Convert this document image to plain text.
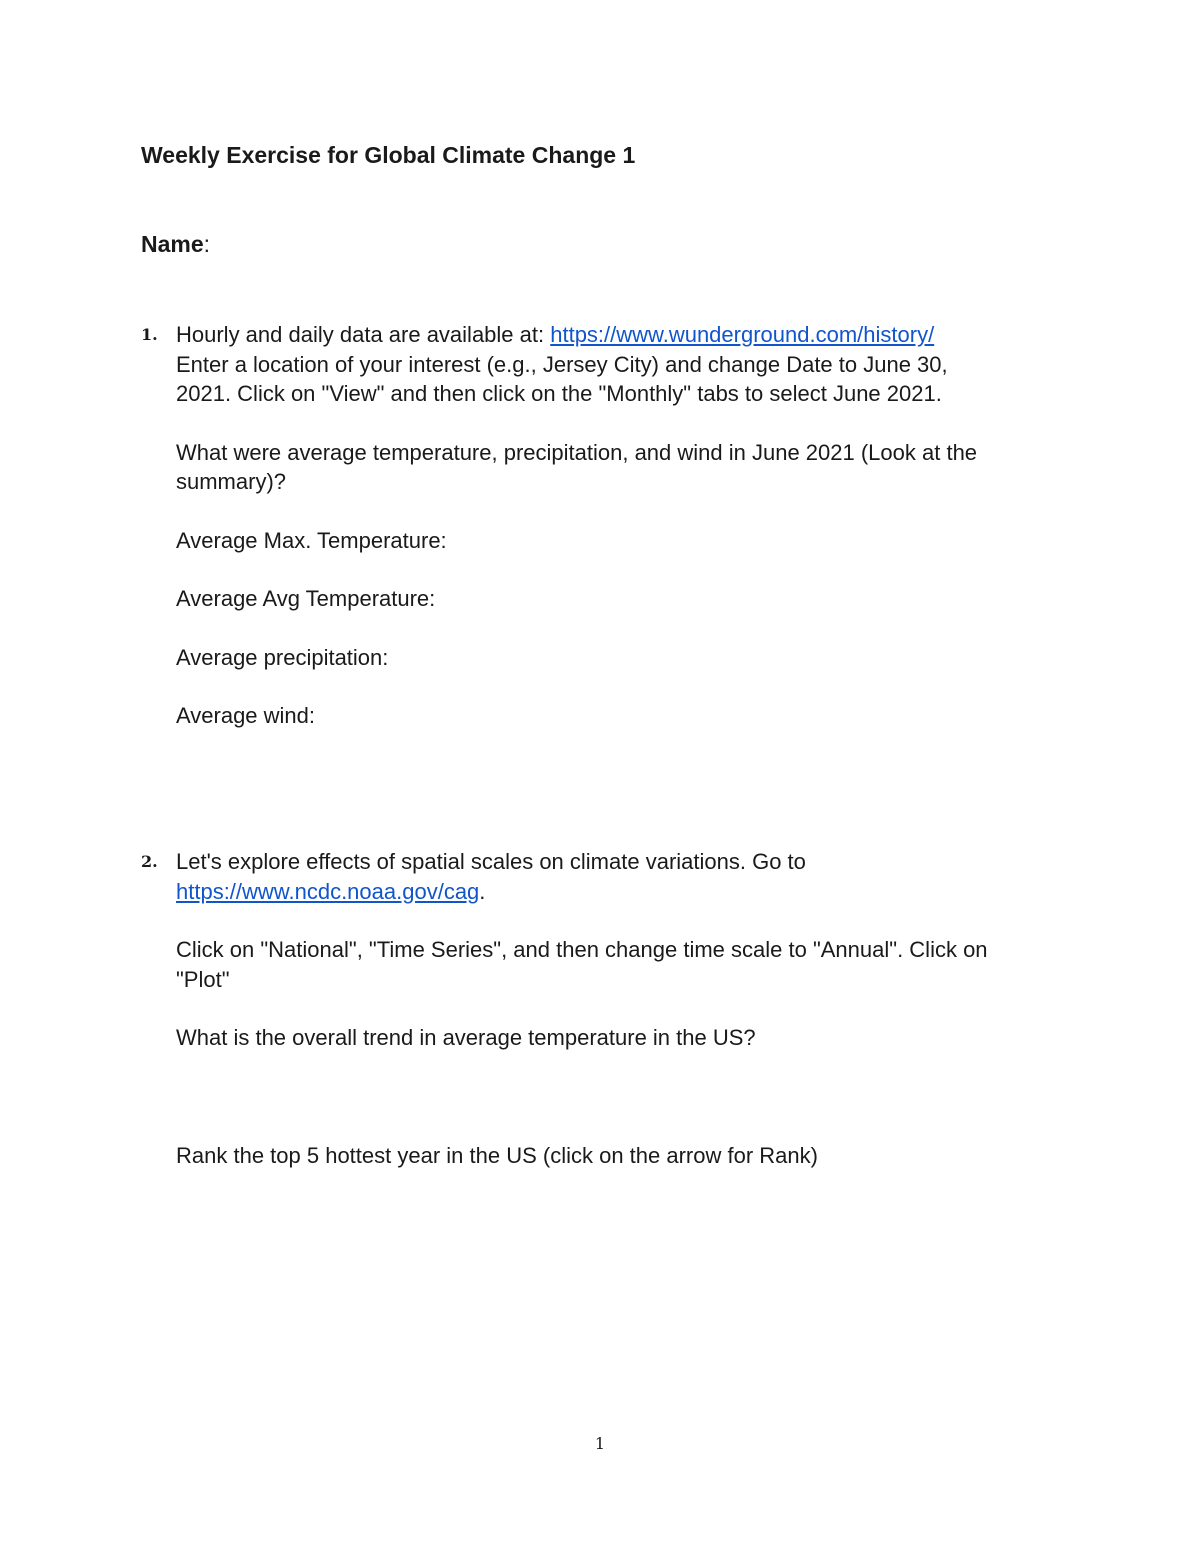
Weekly Exercise for Global Climate Change 1
Name:
1. Hourly and daily data are available at: https://www.wunderground.com/history/
Enter a location of your interest (e.g., Jersey City) and change Date to June 30,
2021. Click on "View" and then click on the "Monthly" tabs to select June 2021.
What were average temperature, precipitation, and wind in June 2021 (Look at the
summary)?
Average Max. Temperature:
Average Avg Temperature:
Average precipitation:
Average wind:
2. Let's explore effects of spatial scales on climate variations. Go to
https://www.ncdc.noaa.gov/cag.
Click on "National", "Time Series", and then change time scale to "Annual". Click on
"Plot"
What is the overall trend in average temperature in the US?
Rank the top 5 hottest year in the US (click on the arrow for Rank)
1
